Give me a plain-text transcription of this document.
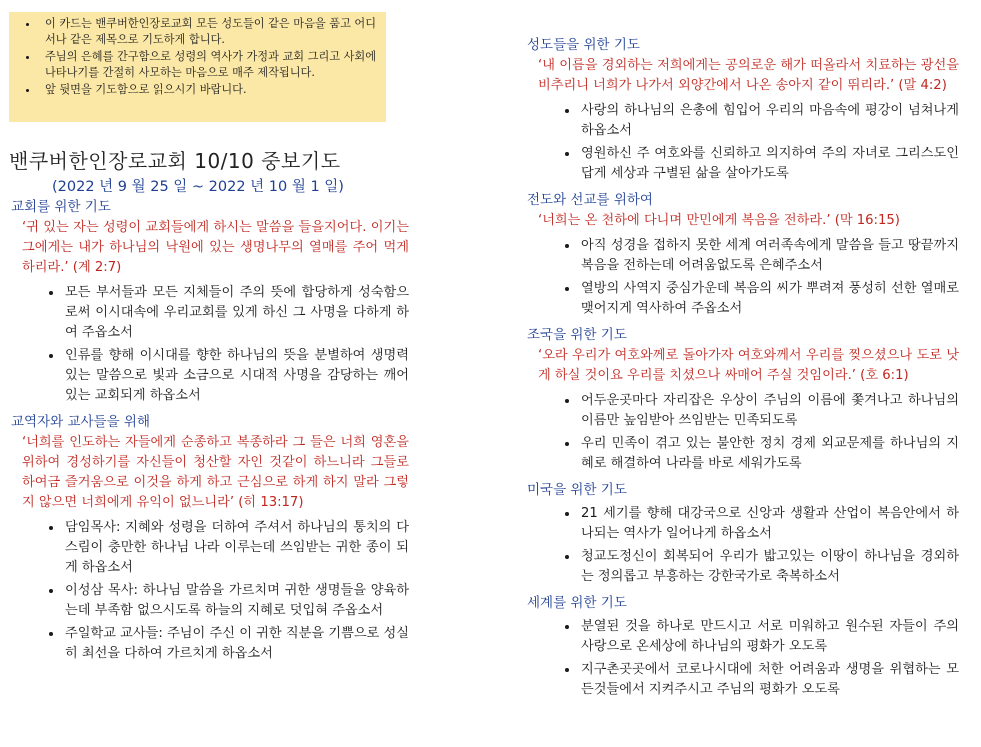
• 이 카드는 밴쿠버한인장로교회 모든 성도들이 같은 마음을 품고 어디서나 같은 제목으로 기도하게 합니다.
• 주님의 은혜를 간구함으로 성령의 역사가 가정과 교회 그리고 사회에 나타나기를 간절히 사모하는 마음으로 매주 제작됩니다.
• 앞 뒷면을 기도함으로 읽으시기 바랍니다.
밴쿠버한인장로교회 10/10 중보기도
(2022 년 9 월 25 일 ~ 2022 년 10 월 1 일)
교회를 위한 기도
‘귀 있는 자는 성령이 교회들에게 하시는 말씀을 들을지어다. 이기는 그에게는 내가 하나님의 낙원에 있는 생명나무의 열매를 주어 먹게 하리라.’ (계 2:7)
• 모든 부서들과 모든 지체들이 주의 뜻에 합당하게 성숙함으로써 이시대속에 우리교회를 있게 하신 그 사명을 다하게 하여 주옵소서
• 인류를 향해 이시대를 향한 하나님의 뜻을 분별하여 생명력있는 말씀으로 빛과 소금으로 시대적 사명을 감당하는 깨어있는 교회되게 하옵소서
교역자와 교사들을 위해
‘너희를 인도하는 자들에게 순종하고 복종하라 그 들은 너희 영혼을 위하여 경성하기를 자신들이 청산할 자인 것같이 하느니라 그들로 하여금 즐거움으로 이것을 하게 하고 근심으로 하게 하지 말라 그렇지 않으면 너희에게 유익이 없느니라’ (히 13:17)
• 담임목사: 지혜와 성령을 더하여 주셔서 하나님의 통치의 다스림이 충만한 하나님 나라 이루는데 쓰임받는 귀한 종이 되게 하옵소서
• 이성삼 목사: 하나님 말씀을 가르치며 귀한 생명들을 양육하는데 부족함 없으시도록 하늘의 지혜로 덧입혀 주옵소서
• 주일학교 교사들: 주님이 주신 이 귀한 직분을 기쁨으로 성실히 최선을 다하여 가르치게 하옵소서
성도들을 위한 기도
‘내 이름을 경외하는 저희에게는 공의로운 해가 떠올라서 치료하는 광선을 비추리니 너희가 나가서 외양간에서 나온 송아지 같이 뛰리라.’ (말 4:2)
• 사랑의 하나님의 은총에 힘입어 우리의 마음속에 평강이 넘쳐나게 하옵소서
• 영원하신 주 여호와를 신뢰하고 의지하여 주의 자녀로 그리스도인답게 세상과 구별된 삶을 살아가도록
전도와 선교를 위하여
‘너희는 온 천하에 다니며 만민에게 복음을 전하라.’ (막 16:15)
• 아직 성경을 접하지 못한 세계 여러족속에게 말씀을 들고 땅끝까지 복음을 전하는데 어려움없도록 은혜주소서
• 열방의 사역지 중심가운데 복음의 씨가 뿌려져 풍성히 선한 열매로 맺어지게 역사하여 주옵소서
조국을 위한 기도
‘오라 우리가 여호와께로 돌아가자 여호와께서 우리를 찢으셨으나 도로 낫게 하실 것이요 우리를 치셨으나 싸매어 주실 것임이라.’ (호 6:1)
• 어두운곳마다 자리잡은 우상이 주님의 이름에 쫓겨나고 하나님의 이름만 높임받아 쓰임받는 민족되도록
• 우리 민족이 겪고 있는 불안한 정치 경제 외교문제를 하나님의 지혜로 해결하여 나라를 바로 세워가도록
미국을 위한 기도
• 21 세기를 향해 대강국으로 신앙과 생활과 산업이 복음안에서 하나되는 역사가 일어나게 하옵소서
• 청교도정신이 회복되어 우리가 밟고있는 이땅이 하나님을 경외하는 정의롭고 부흥하는 강한국가로 축복하소서
세계를 위한 기도
• 분열된 것을 하나로 만드시고 서로 미워하고 원수된 자들이 주의 사랑으로 온세상에 하나님의 평화가 오도록
• 지구촌곳곳에서 코로나시대에 처한 어려움과 생명을 위협하는 모든것들에서 지켜주시고 주님의 평화가 오도록
